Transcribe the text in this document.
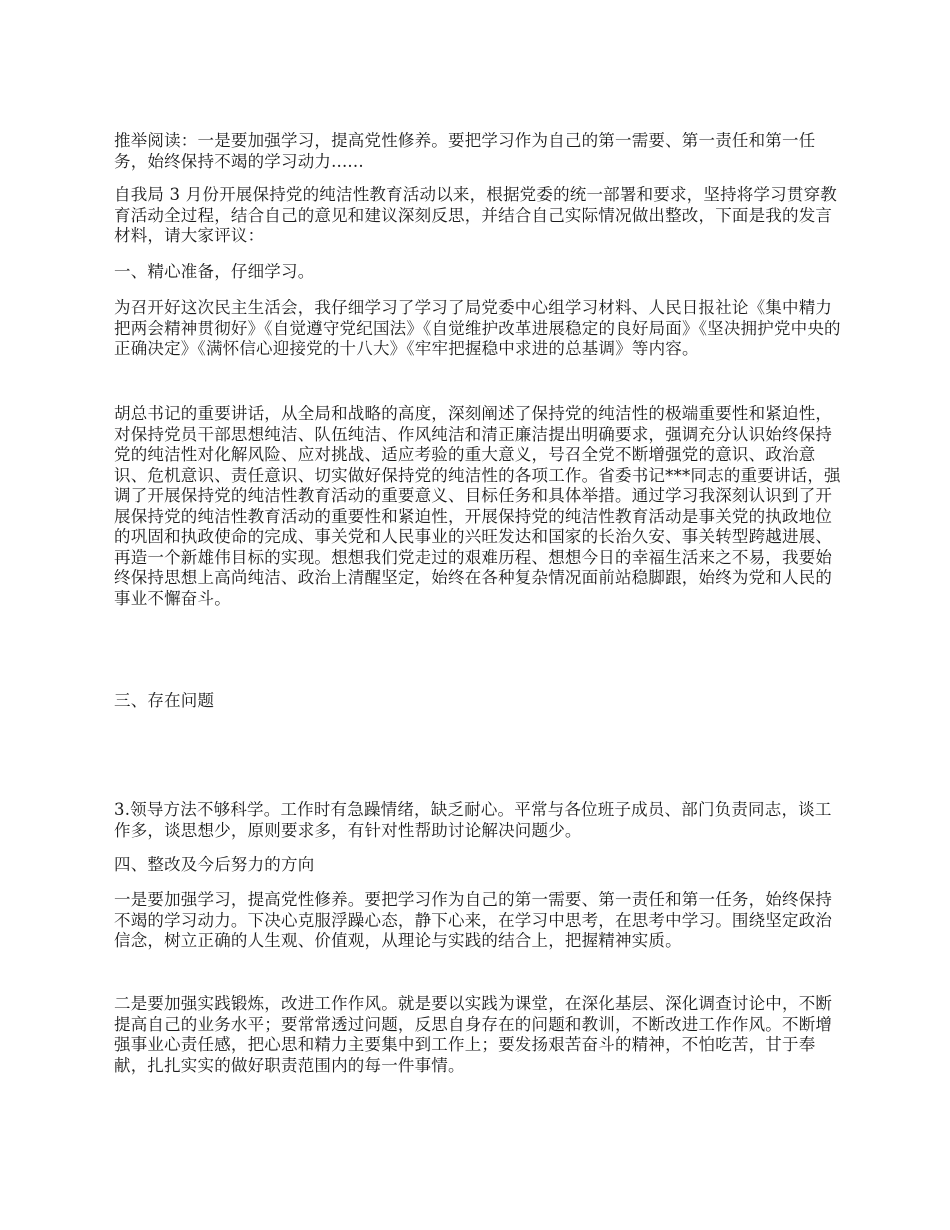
推举阅读：一是要加强学习，提高党性修养。要把学习作为自己的第一需要、第一责任和第一任务，始终保持不竭的学习动力......

自我局 3 月份开展保持党的纯洁性教育活动以来，根据党委的统一部署和要求，坚持将学习贯穿教育活动全过程，结合自己的意见和建议深刻反思，并结合自己实际情况做出整改，下面是我的发言材料，请大家评议：

一、精心准备，仔细学习。

为召开好这次民主生活会，我仔细学习了学习了局党委中心组学习材料、人民日报社论《集中精力把两会精神贯彻好》《自觉遵守党纪国法》《自觉维护改革进展稳定的良好局面》《坚决拥护党中央的正确决定》《满怀信心迎接党的十八大》《牢牢把握稳中求进的总基调》等内容。

胡总书记的重要讲话，从全局和战略的高度，深刻阐述了保持党的纯洁性的极端重要性和紧迫性，对保持党员干部思想纯洁、队伍纯洁、作风纯洁和清正廉洁提出明确要求，强调充分认识始终保持党的纯洁性对化解风险、应对挑战、适应考验的重大意义，号召全党不断增强党的意识、政治意识、危机意识、责任意识、切实做好保持党的纯洁性的各项工作。省委书记***同志的重要讲话，强调了开展保持党的纯洁性教育活动的重要意义、目标任务和具体举措。通过学习我深刻认识到了开展保持党的纯洁性教育活动的重要性和紧迫性，开展保持党的纯洁性教育活动是事关党的执政地位的巩固和执政使命的完成、事关党和人民事业的兴旺发达和国家的长治久安、事关转型跨越进展、再造一个新雄伟目标的实现。想想我们党走过的艰难历程、想想今日的幸福生活来之不易，我要始终保持思想上高尚纯洁、政治上清醒坚定，始终在各种复杂情况面前站稳脚跟，始终为党和人民的事业不懈奋斗。

三、存在问题

3.领导方法不够科学。工作时有急躁情绪，缺乏耐心。平常与各位班子成员、部门负责同志，谈工作多，谈思想少，原则要求多，有针对性帮助讨论解决问题少。

四、整改及今后努力的方向

一是要加强学习，提高党性修养。要把学习作为自己的第一需要、第一责任和第一任务，始终保持不竭的学习动力。下决心克服浮躁心态，静下心来，在学习中思考，在思考中学习。围绕坚定政治信念，树立正确的人生观、价值观，从理论与实践的结合上，把握精神实质。

二是要加强实践锻炼，改进工作作风。就是要以实践为课堂，在深化基层、深化调查讨论中，不断提高自己的业务水平；要常常透过问题，反思自身存在的问题和教训，不断改进工作作风。不断增强事业心责任感，把心思和精力主要集中到工作上；要发扬艰苦奋斗的精神，不怕吃苦，甘于奉献，扎扎实实的做好职责范围内的每一件事情。
